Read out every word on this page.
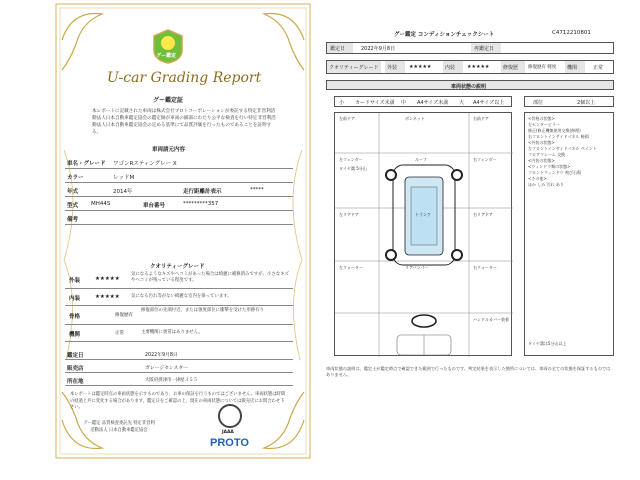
グー鑑定
U-car Grading Report
グー鑑定証
本レポートに記載された車両は株式会社プロトコーポレーションが委託する特定非営利活動法人日本自動車鑑定協会の鑑定師が車両の細部にわたり公平な検査を行い特定非営利活動法人日本自動車鑑定協会の定める基準にて品質評価を行ったものであることを証明する。
車両請元内容
車名・グレード ワゴンRスティングレー X
カラー	レッドM
年式	2014年	走行距離計表示	*****
型式 MH44S	車台番号	*********357
備考
クオリティーグレード
外装	★★★★★
気になるようなキズやヘコミがあった場合は綺麗に補修済みですが、小さなキズやヘコミが残っている程度です。
内装	★★★★★	気になる汚れ等がない綺麗な室内を保っています。
骨格	修復歴有
修復部位の先端付近、または強度部位に衝撃を受けた形跡有り
機関	正常	主要機関に異常はありません。
鑑定日	2022年9月8日
販売店	ガレージセンスター
所在地	大阪府摂津市一津屋３５５
本レポートは鑑定時点の車両状態を示すものであり、お車の保証を行うものではございません。車両状態は時間の経過と共に変化する場合があります。鑑定日をご確認の上、現在の車両状態については販売店にお問合わせ下さい。
グー鑑定 品質検査委託先 特定非営利活動法人 日本自動車鑑定協会	JAAA
PROTO
グー鑑定 コンディションチェックシート	C4712210801
鑑定日	2022年9月8日	再鑑定日
クオリティーグレード	外装	★★★★★	内装	★★★★★	修復歴	修復歴有 軽度	機関	正常
車両状態の説明
小 カードサイズ未満 中 A4サイズ未満 大 A4サイズ以上	部位	2個以上
左前ドア	ボンネット	右前ドア
左フェンダー
タイヤ溝 5分山
ルーフ	右フェンダー
左リアドア	トランク	右リアドア
左クォーター	リアバンパー	右クォーター
ハンドルカバー装着
<骨格の状態>
左センターピラー
修正(修正機無使用交換(修理)
右フロントインサイドパネル 軽損
<外装の状態>
左フロントインサイドパネル ペイント
フロアフレーム 交換
<内装の状態>
<ウィンドウ類の状態>
フロントウィンドウ 飛び石傷
<その他>
ほか しみ 汚れ あり
タイヤ溝は5分山以上
車両状態の説明は、鑑定士が鑑定時点で確認できた範囲で行ったものです。判定結果を表示した箇所については、車両の全ての状態を保証するものではありません。
